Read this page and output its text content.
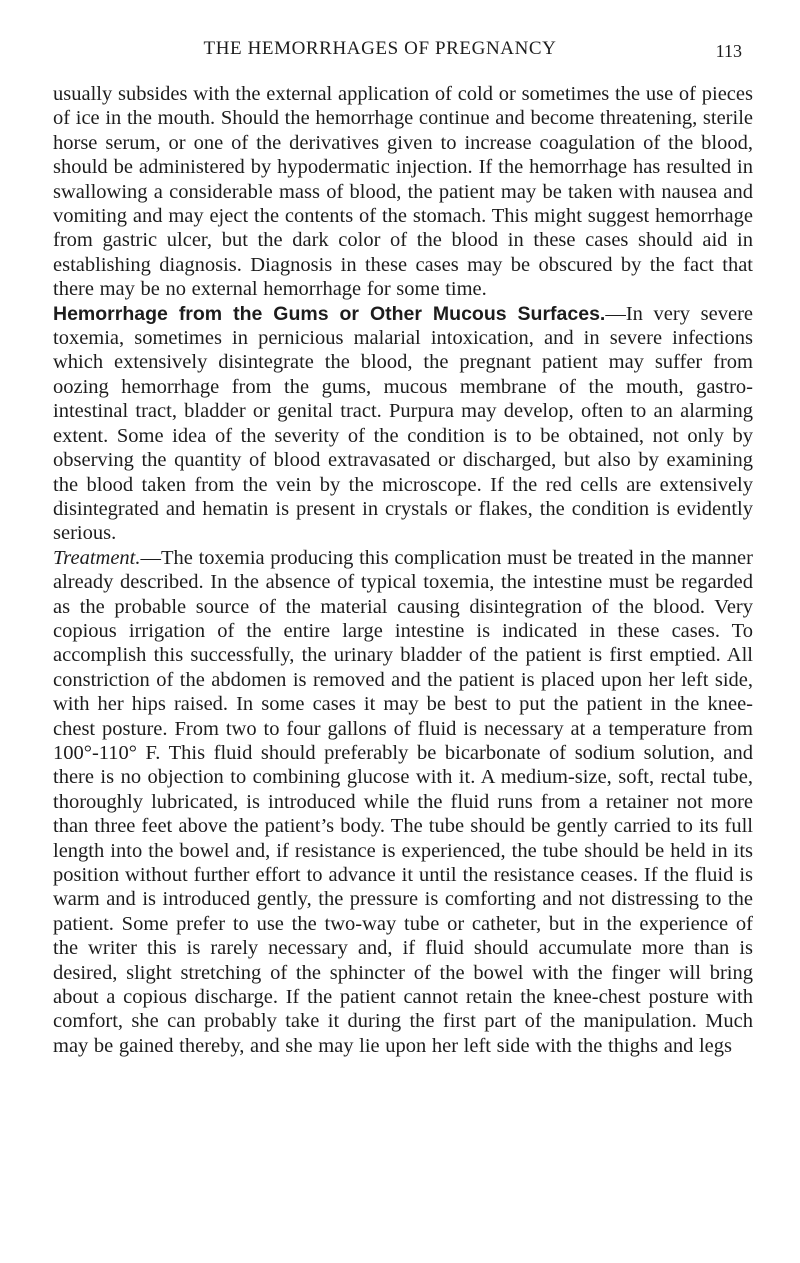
THE HEMORRHAGES OF PREGNANCY	113

usually subsides with the external application of cold or sometimes the use of pieces of ice in the mouth. Should the hemorrhage continue and become threatening, sterile horse serum, or one of the derivatives given to increase coagulation of the blood, should be administered by hypodermatic injection. If the hemorrhage has resulted in swallowing a considerable mass of blood, the patient may be taken with nausea and vomiting and may eject the contents of the stomach. This might suggest hemorrhage from gastric ulcer, but the dark color of the blood in these cases should aid in establishing diagnosis. Diagnosis in these cases may be obscured by the fact that there may be no external hemorrhage for some time.

Hemorrhage from the Gums or Other Mucous Surfaces.—In very severe toxemia, sometimes in pernicious malarial intoxication, and in severe infections which extensively disintegrate the blood, the pregnant patient may suffer from oozing hemorrhage from the gums, mucous membrane of the mouth, gastro-intestinal tract, bladder or genital tract. Purpura may develop, often to an alarming extent. Some idea of the severity of the condition is to be obtained, not only by observing the quantity of blood extravasated or discharged, but also by examining the blood taken from the vein by the microscope. If the red cells are extensively disintegrated and hematin is present in crystals or flakes, the condition is evidently serious.

Treatment.—The toxemia producing this complication must be treated in the manner already described. In the absence of typical toxemia, the intestine must be regarded as the probable source of the material causing disintegration of the blood. Very copious irrigation of the entire large intestine is indicated in these cases. To accomplish this successfully, the urinary bladder of the patient is first emptied. All constriction of the abdomen is removed and the patient is placed upon her left side, with her hips raised. In some cases it may be best to put the patient in the knee-chest posture. From two to four gallons of fluid is necessary at a temperature from 100°-110° F. This fluid should preferably be bicarbonate of sodium solution, and there is no objection to combining glucose with it. A medium-size, soft, rectal tube, thoroughly lubricated, is introduced while the fluid runs from a retainer not more than three feet above the patient’s body. The tube should be gently carried to its full length into the bowel and, if resistance is experienced, the tube should be held in its position without further effort to advance it until the resistance ceases. If the fluid is warm and is introduced gently, the pressure is comforting and not distressing to the patient. Some prefer to use the two-way tube or catheter, but in the experience of the writer this is rarely necessary and, if fluid should accumulate more than is desired, slight stretching of the sphincter of the bowel with the finger will bring about a copious discharge. If the patient cannot retain the knee-chest posture with comfort, she can probably take it during the first part of the manipulation. Much may be gained thereby, and she may lie upon her left side with the thighs and legs
